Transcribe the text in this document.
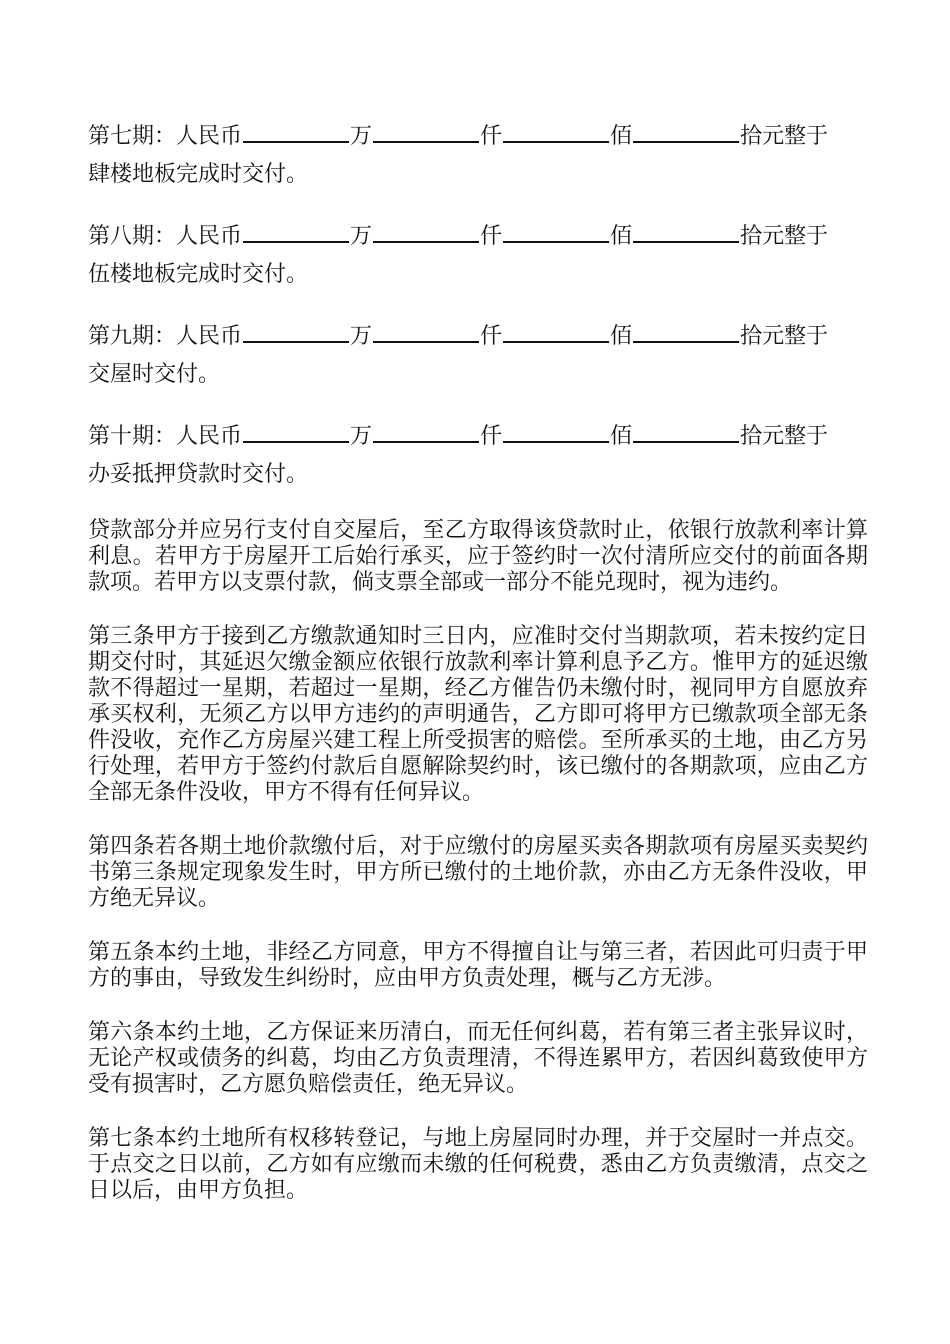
第七期：人民币	万	仟	佰	拾元整于
肆楼地板完成时交付。
第八期：人民币	万	仟	佰	拾元整于
伍楼地板完成时交付。
第九期：人民币	万	仟	佰	拾元整于
交屋时交付。
第十期：人民币	万	仟	佰	拾元整于
办妥抵押贷款时交付。

贷款部分并应另行支付自交屋后，至乙方取得该贷款时止，依银行放款利率计算利息。若甲方于房屋开工后始行承买，应于签约时一次付清所应交付的前面各期款项。若甲方以支票付款，倘支票全部或一部分不能兑现时，视为违约。

第三条甲方于接到乙方缴款通知时三日内，应准时交付当期款项，若未按约定日期交付时，其延迟欠缴金额应依银行放款利率计算利息予乙方。惟甲方的延迟缴款不得超过一星期，若超过一星期，经乙方催告仍未缴付时，视同甲方自愿放弃承买权利，无须乙方以甲方违约的声明通告，乙方即可将甲方已缴款项全部无条件没收，充作乙方房屋兴建工程上所受损害的赔偿。至所承买的土地，由乙方另行处理，若甲方于签约付款后自愿解除契约时，该已缴付的各期款项，应由乙方全部无条件没收，甲方不得有任何异议。

第四条若各期土地价款缴付后，对于应缴付的房屋买卖各期款项有房屋买卖契约书第三条规定现象发生时，甲方所已缴付的土地价款，亦由乙方无条件没收，甲方绝无异议。

第五条本约土地，非经乙方同意，甲方不得擅自让与第三者，若因此可归责于甲方的事由，导致发生纠纷时，应由甲方负责处理，概与乙方无涉。

第六条本约土地，乙方保证来历清白，而无任何纠葛，若有第三者主张异议时，无论产权或债务的纠葛，均由乙方负责理清，不得连累甲方，若因纠葛致使甲方受有损害时，乙方愿负赔偿责任，绝无异议。

第七条本约土地所有权移转登记，与地上房屋同时办理，并于交屋时一并点交。于点交之日以前，乙方如有应缴而未缴的任何税费，悉由乙方负责缴清，点交之日以后，由甲方负担。
